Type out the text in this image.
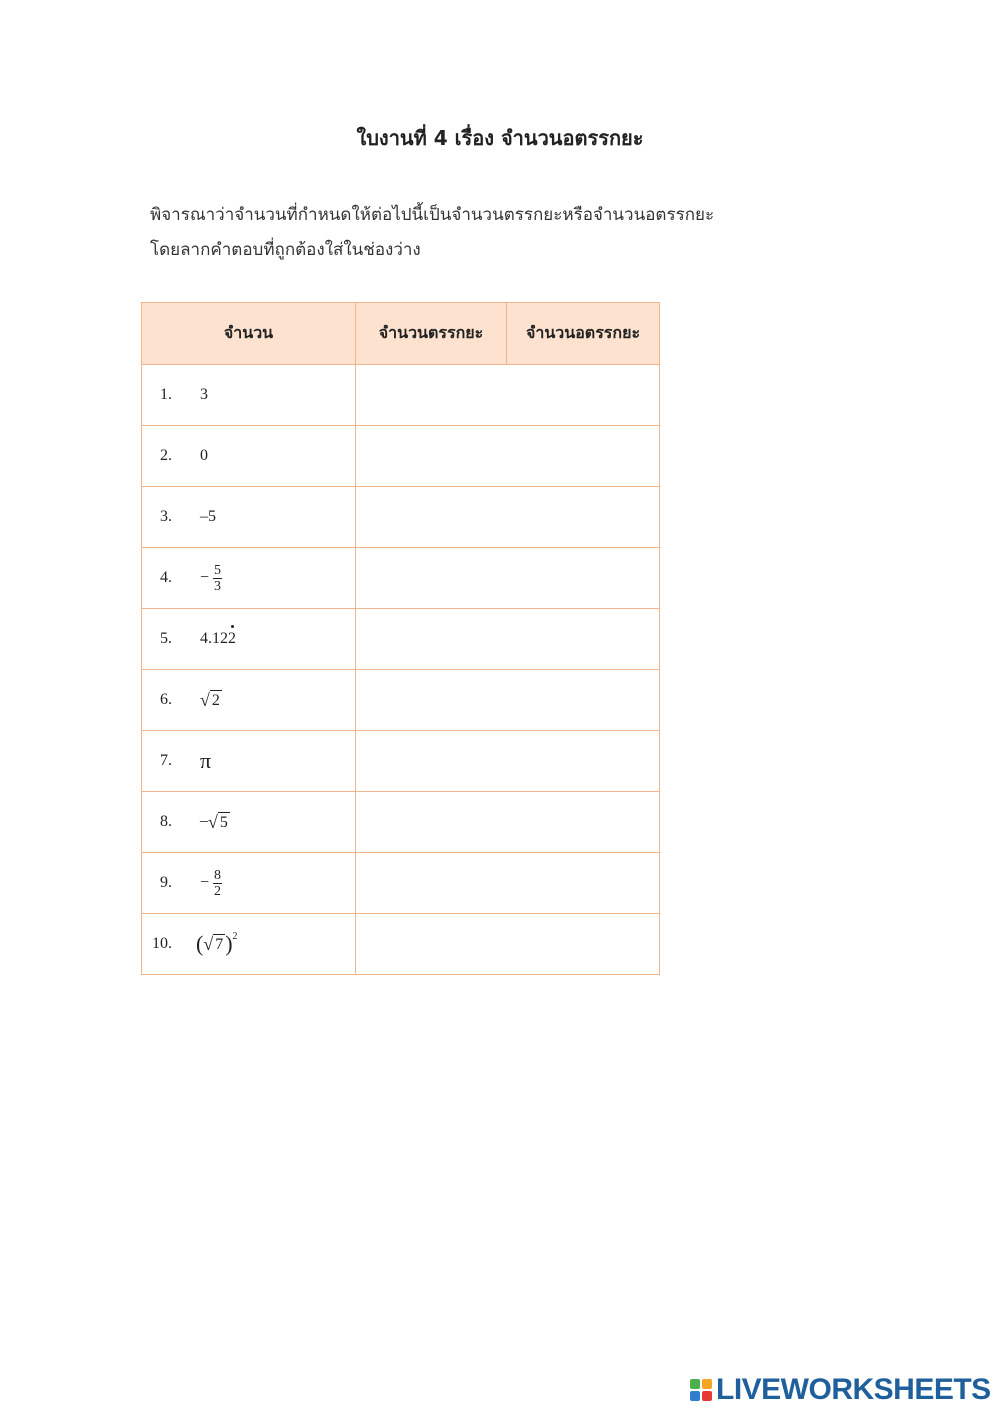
ใบงานที่ 4 เรื่อง จำนวนอตรรกยะ
พิจารณาว่าจำนวนที่กำหนดให้ต่อไปนี้เป็นจำนวนตรรกยะหรือจำนวนอตรรกยะ
โดยลากคำตอบที่ถูกต้องใส่ในช่องว่าง
จำนวน	จำนวนตรรกยะ	จำนวนอตรรกยะ
1. 3		
2. 0		
3. –5		
4. − $\frac{5}{3}$

5. 4.122		
6. √ 2		

7. π		
8. – √ 5		

9. − $\frac{8}{2}$

10. ( √ 7 )$^2$	
LIVEWORKSHEETS
